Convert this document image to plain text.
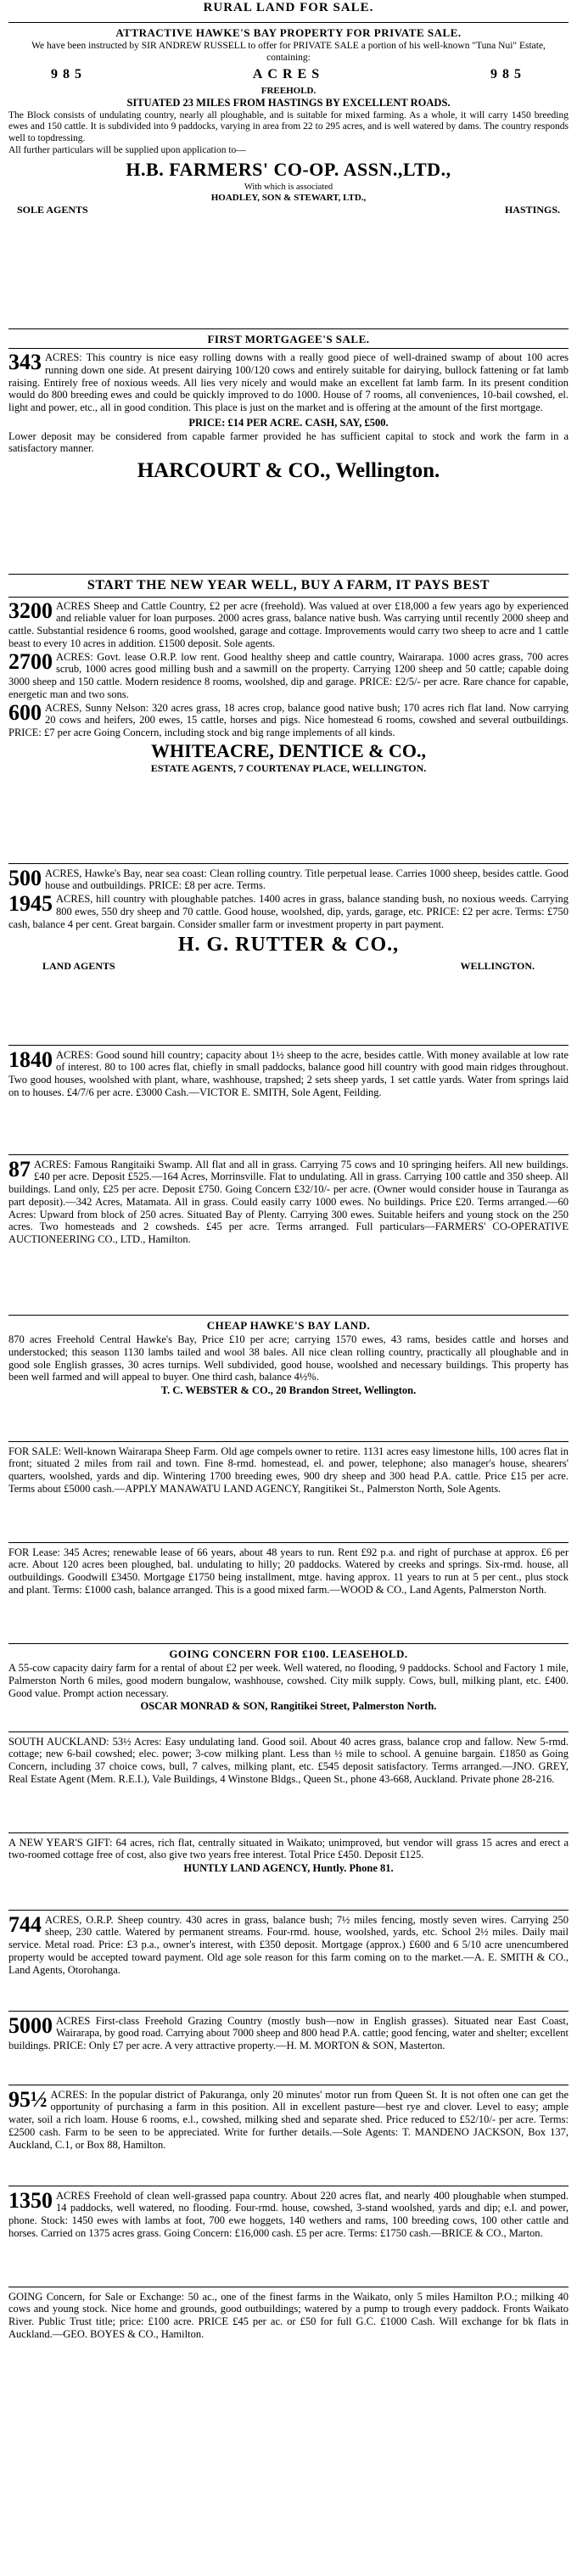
RURAL LAND FOR SALE.
ATTRACTIVE HAWKE'S BAY PROPERTY FOR PRIVATE SALE.

We have been instructed by SIR ANDREW RUSSELL to offer for PRIVATE SALE a portion of his well-known "Tuna Nui" Estate, containing:

985	ACRES	985
FREEHOLD.
SITUATED 23 MILES FROM HASTINGS BY EXCELLENT ROADS.

The Block consists of undulating country, nearly all ploughable, and is suitable for mixed farming. As a whole, it will carry 1450 breeding ewes and 150 cattle. It is subdivided into 9 paddocks, varying in area from 22 to 295 acres, and is well watered by dams. The country responds well to topdressing.

All further particulars will be supplied upon application to—

H.B. FARMERS' CO-OP. ASSN.,LTD.,
With which is associated
HOADLEY, SON & STEWART, LTD.,
SOLE AGENTS	HASTINGS.
FIRST MORTGAGEE'S SALE.

343 ACRES: This country is nice easy rolling downs with a really good piece of well-drained swamp of about 100 acres running down one side. At present dairying 100/120 cows and entirely suitable for dairying, bullock fattening or fat lamb raising. Entirely free of noxious weeds. All lies very nicely and would make an excellent fat lamb farm. In its present condition would do 800 breeding ewes and could be quickly improved to do 1000. House of 7 rooms, all conveniences, 10-bail cowshed, el. light and power, etc., all in good condition. This place is just on the market and is offering at the amount of the first mortgage.

PRICE: £14 PER ACRE. CASH, SAY, £500.

Lower deposit may be considered from capable farmer provided he has sufficient capital to stock and work the farm in a satisfactory manner.

HARCOURT & CO., Wellington.
START THE NEW YEAR WELL, BUY A FARM, IT PAYS BEST

3200 ACRES Sheep and Cattle Country, £2 per acre (freehold). Was valued at over £18,000 a few years ago by experienced and reliable valuer for loan purposes. 2000 acres grass, balance native bush. Was carrying until recently 2000 sheep and cattle. Substantial residence 6 rooms, good woolshed, garage and cottage. Improvements would carry two sheep to acre and 1 cattle beast to every 10 acres in addition. £1500 deposit. Sole agents.

2700 ACRES: Govt. lease O.R.P. low rent. Good healthy sheep and cattle country, Wairarapa. 1000 acres grass, 700 acres scrub, 1000 acres good milling bush and a sawmill on the property. Carrying 1200 sheep and 50 cattle; capable doing 3000 sheep and 150 cattle. Modern residence 8 rooms, woolshed, dip and garage. PRICE: £2/5/- per acre. Rare chance for capable, energetic man and two sons.

600 ACRES, Sunny Nelson: 320 acres grass, 18 acres crop, balance good native bush; 170 acres rich flat land. Now carrying 20 cows and heifers, 200 ewes, 15 cattle, horses and pigs. Nice homestead 6 rooms, cowshed and several outbuildings. PRICE: £7 per acre Going Concern, including stock and big range implements of all kinds.

WHITEACRE, DENTICE & CO.,
ESTATE AGENTS, 7 COURTENAY PLACE, WELLINGTON.

500 ACRES, Hawke's Bay, near sea coast: Clean rolling country. Title perpetual lease. Carries 1000 sheep, besides cattle. Good house and outbuildings. PRICE: £8 per acre. Terms.

1945 ACRES, hill country with ploughable patches. 1400 acres in grass, balance standing bush, no noxious weeds. Carrying 800 ewes, 550 dry sheep and 70 cattle. Good house, woolshed, dip, yards, garage, etc. PRICE: £2 per acre. Terms: £750 cash, balance 4 per cent. Great bargain. Consider smaller farm or investment property in part payment.

H. G. RUTTER & CO.,
LAND AGENTS	WELLINGTON.

1840 ACRES: Good sound hill country; capacity about 1½ sheep to the acre, besides cattle. With money available at low rate of interest. 80 to 100 acres flat, chiefly in small paddocks, balance good hill country with good main ridges throughout. Two good houses, woolshed with plant, whare, washhouse, trapshed; 2 sets sheep yards, 1 set cattle yards. Water from springs laid on to houses. £4/7/6 per acre. £3000 Cash.—VICTOR E. SMITH, Sole Agent, Feilding.

87 ACRES: Famous Rangitaiki Swamp. All flat and all in grass. Carrying 75 cows and 10 springing heifers. All new buildings. £40 per acre. Deposit £525.—164 Acres, Morrinsville. Flat to undulating. All in grass. Carrying 100 cattle and 350 sheep. All buildings. Land only, £25 per acre. Deposit £750. Going Concern £32/10/- per acre. (Owner would consider house in Tauranga as part deposit).—342 Acres, Matamata. All in grass. Could easily carry 1000 ewes. No buildings. Price £20. Terms arranged.—60 Acres: Upward from block of 250 acres. Situated Bay of Plenty. Carrying 300 ewes. Suitable heifers and young stock on the 250 acres. Two homesteads and 2 cowsheds. £45 per acre. Terms arranged. Full particulars—FARMERS' CO-OPERATIVE AUCTIONEERING CO., LTD., Hamilton.

CHEAP HAWKE'S BAY LAND.

870 acres Freehold Central Hawke's Bay, Price £10 per acre; carrying 1570 ewes, 43 rams, besides cattle and horses and understocked; this season 1130 lambs tailed and wool 38 bales. All nice clean rolling country, practically all ploughable and in good sole English grasses, 30 acres turnips. Well subdivided, good house, woolshed and necessary buildings. This property has been well farmed and will appeal to buyer. One third cash, balance 4½%.

T. C. WEBSTER & CO., 20 Brandon Street, Wellington.

FOR SALE: Well-known Wairarapa Sheep Farm. Old age compels owner to retire. 1131 acres easy limestone hills, 100 acres flat in front; situated 2 miles from rail and town. Fine 8-rmd. homestead, el. and power, telephone; also manager's house, shearers' quarters, woolshed, yards and dip. Wintering 1700 breeding ewes, 900 dry sheep and 300 head P.A. cattle. Price £15 per acre. Terms about £5000 cash.—APPLY MANAWATU LAND AGENCY, Rangitikei St., Palmerston North, Sole Agents.

FOR Lease: 345 Acres; renewable lease of 66 years, about 48 years to run. Rent £92 p.a. and right of purchase at approx. £6 per acre. About 120 acres been ploughed, bal. undulating to hilly; 20 paddocks. Watered by creeks and springs. Six-rmd. house, all outbuildings. Goodwill £3450. Mortgage £1750 being installment, mtge. having approx. 11 years to run at 5 per cent., plus stock and plant. Terms: £1000 cash, balance arranged. This is a good mixed farm.—WOOD & CO., Land Agents, Palmerston North.

GOING CONCERN FOR £100. LEASEHOLD.

A 55-cow capacity dairy farm for a rental of about £2 per week. Well watered, no flooding, 9 paddocks. School and Factory 1 mile, Palmerston North 6 miles, good modern bungalow, washhouse, cowshed. City milk supply. Cows, bull, milking plant, etc. £400. Good value. Prompt action necessary.

OSCAR MONRAD & SON, Rangitikei Street, Palmerston North.

SOUTH AUCKLAND: 53½ Acres: Easy undulating land. Good soil. About 40 acres grass, balance crop and fallow. New 5-rmd. cottage; new 6-bail cowshed; elec. power; 3-cow milking plant. Less than ½ mile to school. A genuine bargain. £1850 as Going Concern, including 37 choice cows, bull, 7 calves, milking plant, etc. £545 deposit satisfactory. Terms arranged.—JNO. GREY, Real Estate Agent (Mem. R.E.I.), Vale Buildings, 4 Winstone Bldgs., Queen St., phone 43-668, Auckland. Private phone 28-216.

A NEW YEAR'S GIFT: 64 acres, rich flat, centrally situated in Waikato; unimproved, but vendor will grass 15 acres and erect a two-roomed cottage free of cost, also give two years free interest. Total Price £450. Deposit £125.

HUNTLY LAND AGENCY, Huntly. Phone 81.

744 ACRES, O.R.P. Sheep country. 430 acres in grass, balance bush; 7½ miles fencing, mostly seven wires. Carrying 250 sheep, 230 cattle. Watered by permanent streams. Four-rmd. house, woolshed, yards, etc. School 2½ miles. Daily mail service. Metal road. Price: £3 p.a., owner's interest, with £350 deposit. Mortgage (approx.) £600 and 6 5/10 acre unencumbered property would be accepted toward payment. Old age sole reason for this farm coming on to the market.—A. E. SMITH & CO., Land Agents, Otorohanga.

5000 ACRES First-class Freehold Grazing Country (mostly bush—now in English grasses). Situated near East Coast, Wairarapa, by good road. Carrying about 7000 sheep and 800 head P.A. cattle; good fencing, water and shelter; excellent buildings. PRICE: Only £7 per acre. A very attractive property.—H. M. MORTON & SON, Masterton.

95½ ACRES: In the popular district of Pakuranga, only 20 minutes' motor run from Queen St. It is not often one can get the opportunity of purchasing a farm in this position. All in excellent pasture—best rye and clover. Level to easy; ample water, soil a rich loam. House 6 rooms, e.l., cowshed, milking shed and separate shed. Price reduced to £52/10/- per acre. Terms: £2500 cash. Farm to be seen to be appreciated. Write for further details.—Sole Agents: T. MANDENO JACKSON, Box 137, Auckland, C.1, or Box 88, Hamilton.

1350 ACRES Freehold of clean well-grassed papa country. About 220 acres flat, and nearly 400 ploughable when stumped. 14 paddocks, well watered, no flooding. Four-rmd. house, cowshed, 3-stand woolshed, yards and dip; e.l. and power, phone. Stock: 1450 ewes with lambs at foot, 700 ewe hoggets, 140 wethers and rams, 100 breeding cows, 100 other cattle and horses. Carried on 1375 acres grass. Going Concern: £16,000 cash. £5 per acre. Terms: £1750 cash.—BRICE & CO., Marton.

GOING Concern, for Sale or Exchange: 50 ac., one of the finest farms in the Waikato, only 5 miles Hamilton P.O.; milking 40 cows and young stock. Nice home and grounds, good outbuildings; watered by a pump to trough every paddock. Fronts Waikato River. Public Trust title; price: £100 acre. PRICE £45 per ac. or £50 for full G.C. £1000 Cash. Will exchange for bk flats in Auckland.—GEO. BOYES & CO., Hamilton.
